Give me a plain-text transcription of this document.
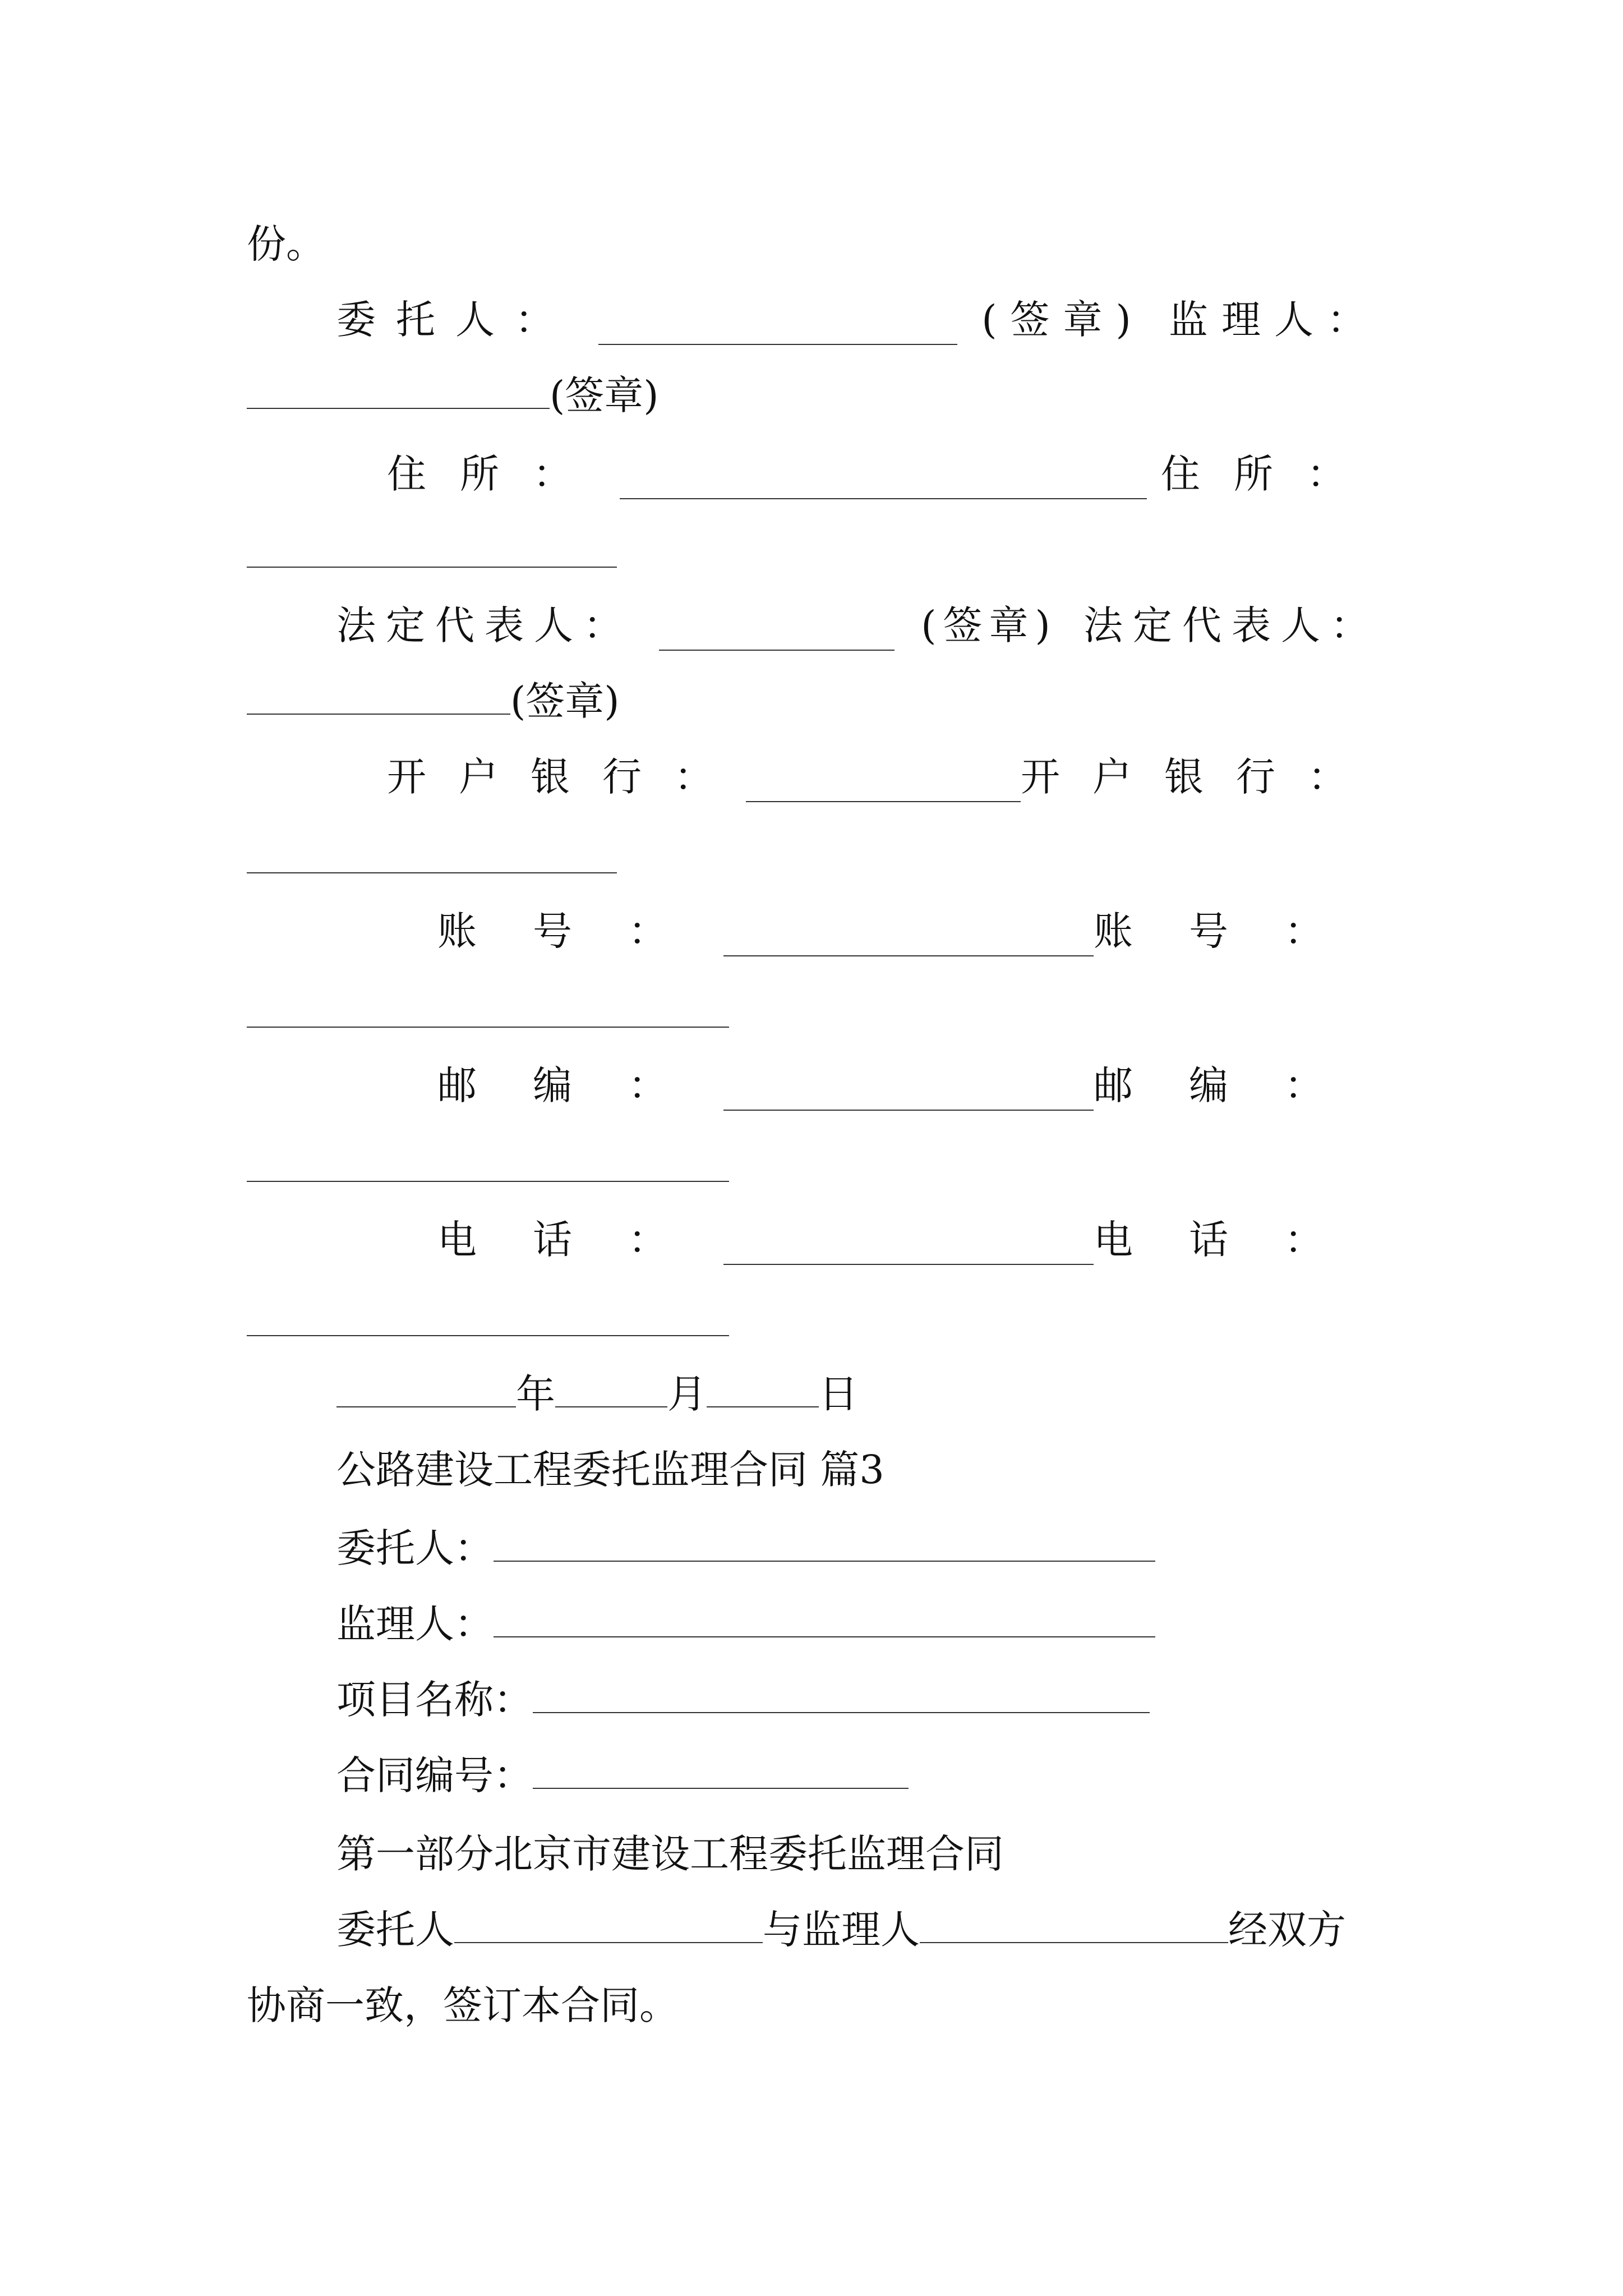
份。
委托人：	(签章) 监理人：
(签章)
住所：	住所：
法定代表人：	(签章) 法定代表人：
(签章)
开户银行：	开户银行：
账号：	账号：
邮编：	邮编：
电话：	电话：
年	月	日
公路建设工程委托监理合同 篇3
委托人：
监理人：
项目名称：
合同编号：
第一部分北京市建设工程委托监理合同
委托人	与监理人	经双方
协商一致，签订本合同。
